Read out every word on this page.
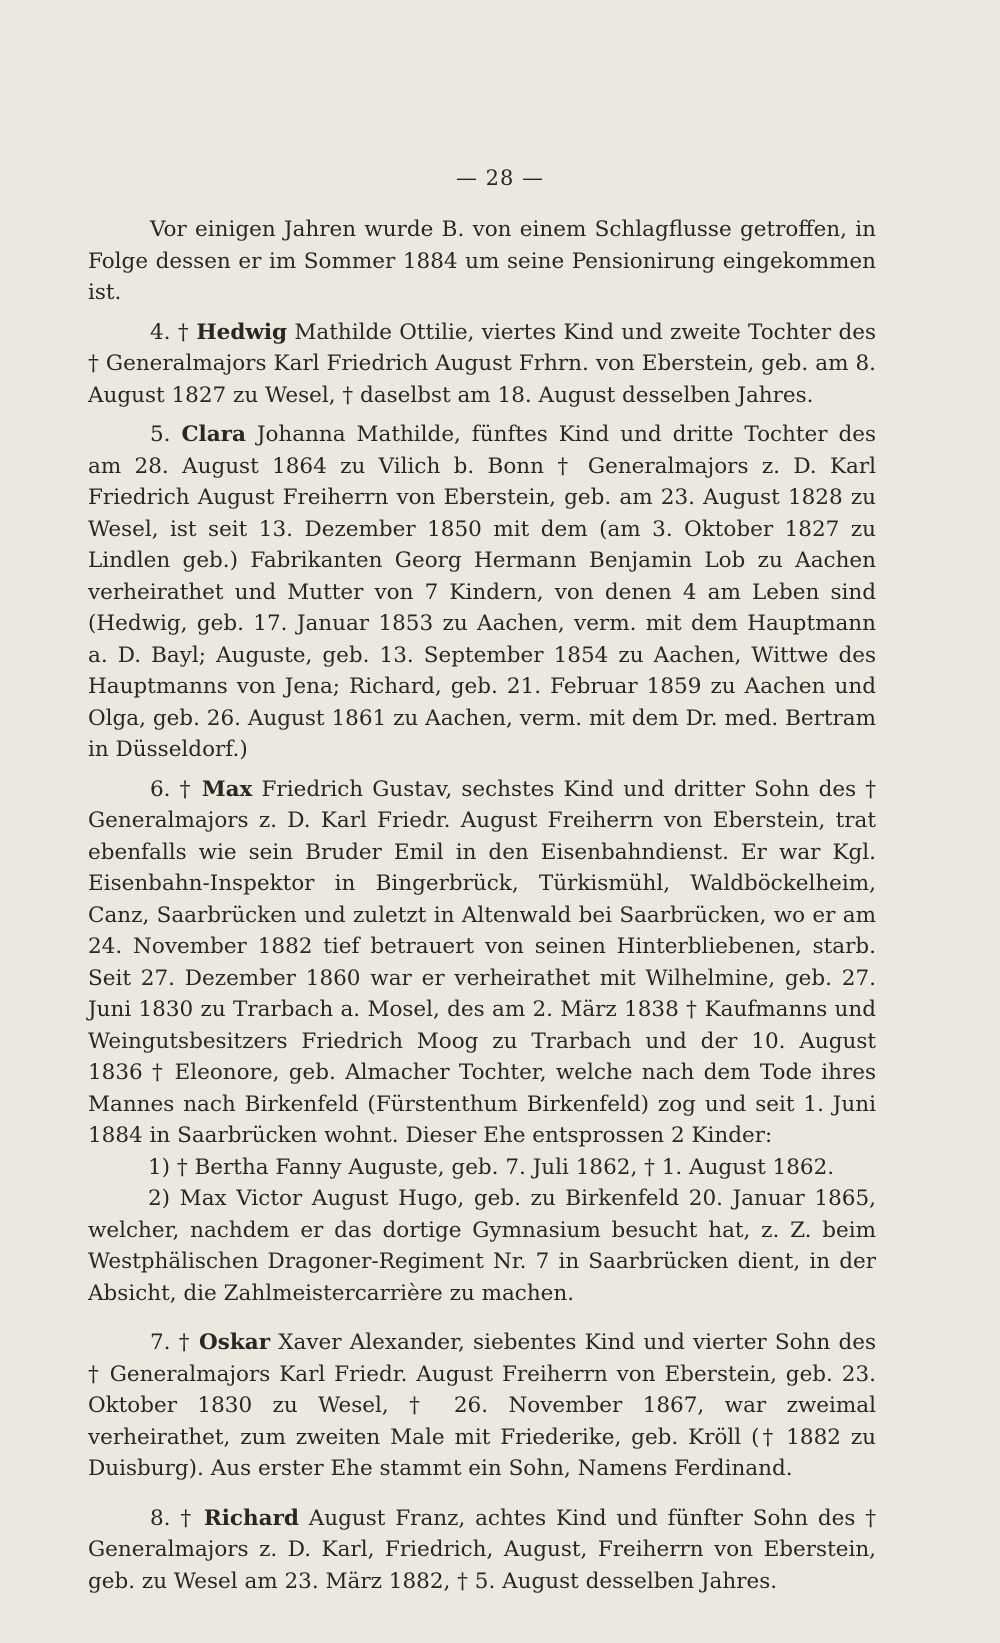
— 28 —

Vor einigen Jahren wurde B. von einem Schlagflusse getroffen, in Folge dessen er im Sommer 1884 um seine Pensionirung eingekommen ist.

4. † Hedwig Mathilde Ottilie, viertes Kind und zweite Tochter des † Generalmajors Karl Friedrich August Frhrn. von Eberstein, geb. am 8. August 1827 zu Wesel, † daselbst am 18. August desselben Jahres.

5. Clara Johanna Mathilde, fünftes Kind und dritte Tochter des am 28. August 1864 zu Vilich b. Bonn † Generalmajors z. D. Karl Friedrich August Freiherrn von Eberstein, geb. am 23. August 1828 zu Wesel, ist seit 13. Dezember 1850 mit dem (am 3. Oktober 1827 zu Lindlen geb.) Fabrikanten Georg Hermann Benjamin Lob zu Aachen verheirathet und Mutter von 7 Kindern, von denen 4 am Leben sind (Hedwig, geb. 17. Januar 1853 zu Aachen, verm. mit dem Hauptmann a. D. Bayl; Auguste, geb. 13. September 1854 zu Aachen, Wittwe des Hauptmanns von Jena; Richard, geb. 21. Februar 1859 zu Aachen und Olga, geb. 26. August 1861 zu Aachen, verm. mit dem Dr. med. Bertram in Düsseldorf.)

6. † Max Friedrich Gustav, sechstes Kind und dritter Sohn des † Generalmajors z. D. Karl Friedr. August Freiherrn von Eberstein, trat ebenfalls wie sein Bruder Emil in den Eisenbahndienst. Er war Kgl. Eisenbahn-Inspektor in Bingerbrück, Türkismühl, Waldböckelheim, Canz, Saarbrücken und zuletzt in Altenwald bei Saarbrücken, wo er am 24. November 1882 tief betrauert von seinen Hinterbliebenen, starb. Seit 27. Dezember 1860 war er verheirathet mit Wilhelmine, geb. 27. Juni 1830 zu Trarbach a. Mosel, des am 2. März 1838 † Kaufmanns und Weingutsbesitzers Friedrich Moog zu Trarbach und der 10. August 1836 † Eleonore, geb. Almacher Tochter, welche nach dem Tode ihres Mannes nach Birkenfeld (Fürstenthum Birkenfeld) zog und seit 1. Juni 1884 in Saarbrücken wohnt. Dieser Ehe entsprossen 2 Kinder:

1) † Bertha Fanny Auguste, geb. 7. Juli 1862, † 1. August 1862.

2) Max Victor August Hugo, geb. zu Birkenfeld 20. Januar 1865, welcher, nachdem er das dortige Gymnasium besucht hat, z. Z. beim Westphälischen Dragoner-Regiment Nr. 7 in Saarbrücken dient, in der Absicht, die Zahlmeistercarrière zu machen.

7. † Oskar Xaver Alexander, siebentes Kind und vierter Sohn des † Generalmajors Karl Friedr. August Freiherrn von Eberstein, geb. 23. Oktober 1830 zu Wesel, † 26. November 1867, war zweimal verheirathet, zum zweiten Male mit Friederike, geb. Kröll († 1882 zu Duisburg). Aus erster Ehe stammt ein Sohn, Namens Ferdinand.

8. † Richard August Franz, achtes Kind und fünfter Sohn des † Generalmajors z. D. Karl, Friedrich, August, Freiherrn von Eberstein, geb. zu Wesel am 23. März 1882, † 5. August desselben Jahres.
